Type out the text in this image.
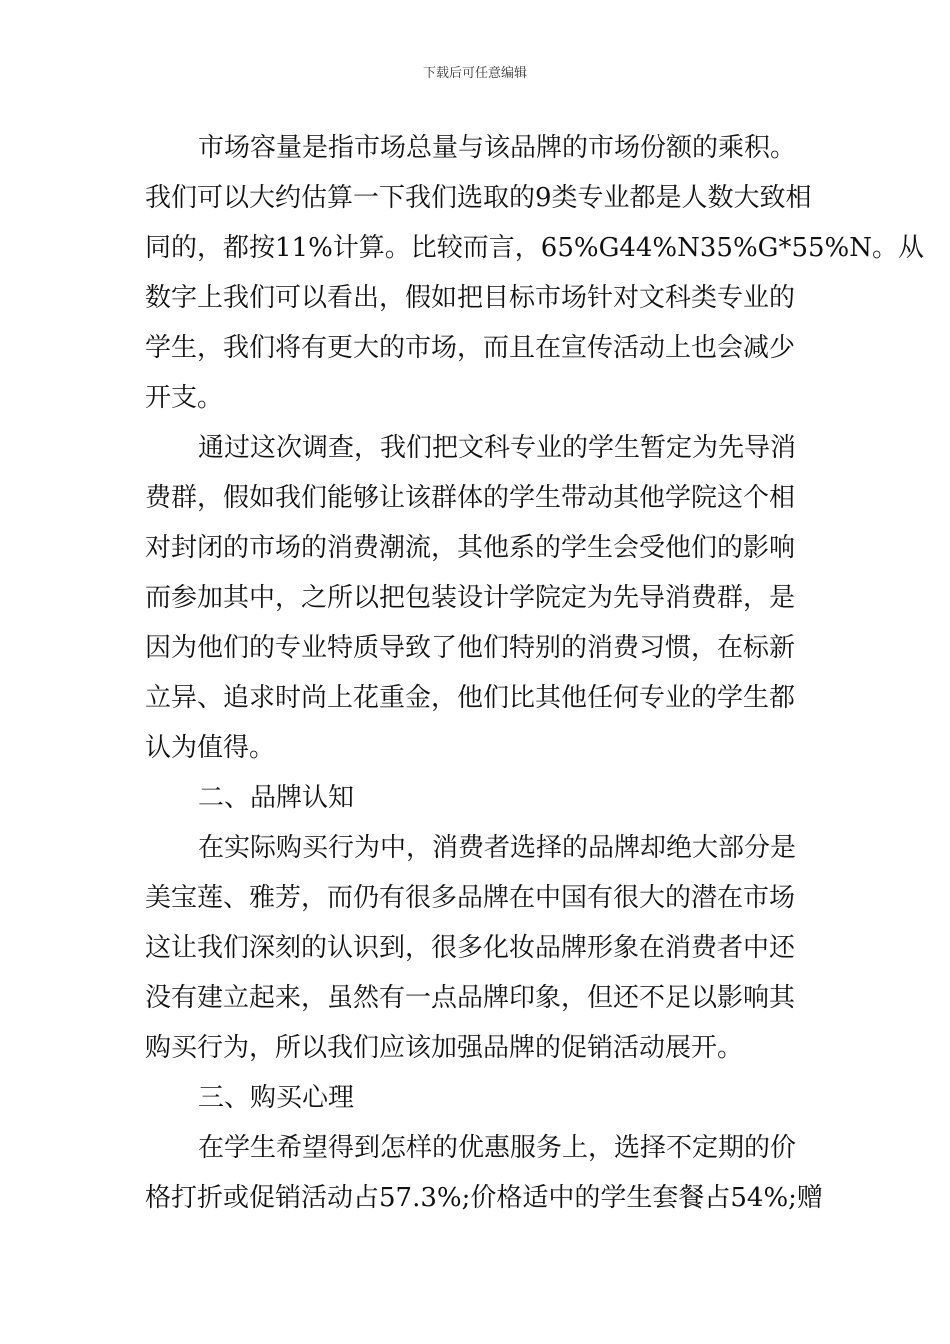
下载后可任意编辑
市场容量是指市场总量与该品牌的市场份额的乘积。
我们可以大约估算一下我们选取的9类专业都是人数大致相
同的，都按11%计算。比较而言，65%G44%N35%G*55%N。从
数字上我们可以看出，假如把目标市场针对文科类专业的
学生，我们将有更大的市场，而且在宣传活动上也会减少
开支。
通过这次调查，我们把文科专业的学生暂定为先导消
费群，假如我们能够让该群体的学生带动其他学院这个相
对封闭的市场的消费潮流，其他系的学生会受他们的影响
而参加其中，之所以把包装设计学院定为先导消费群，是
因为他们的专业特质导致了他们特别的消费习惯，在标新
立异、追求时尚上花重金，他们比其他任何专业的学生都
认为值得。
二、品牌认知
在实际购买行为中，消费者选择的品牌却绝大部分是
美宝莲、雅芳，而仍有很多品牌在中国有很大的潜在市场
这让我们深刻的认识到，很多化妆品牌形象在消费者中还
没有建立起来，虽然有一点品牌印象，但还不足以影响其
购买行为，所以我们应该加强品牌的促销活动展开。
三、购买心理
在学生希望得到怎样的优惠服务上，选择不定期的价
格打折或促销活动占57.3%;价格适中的学生套餐占54%;赠
